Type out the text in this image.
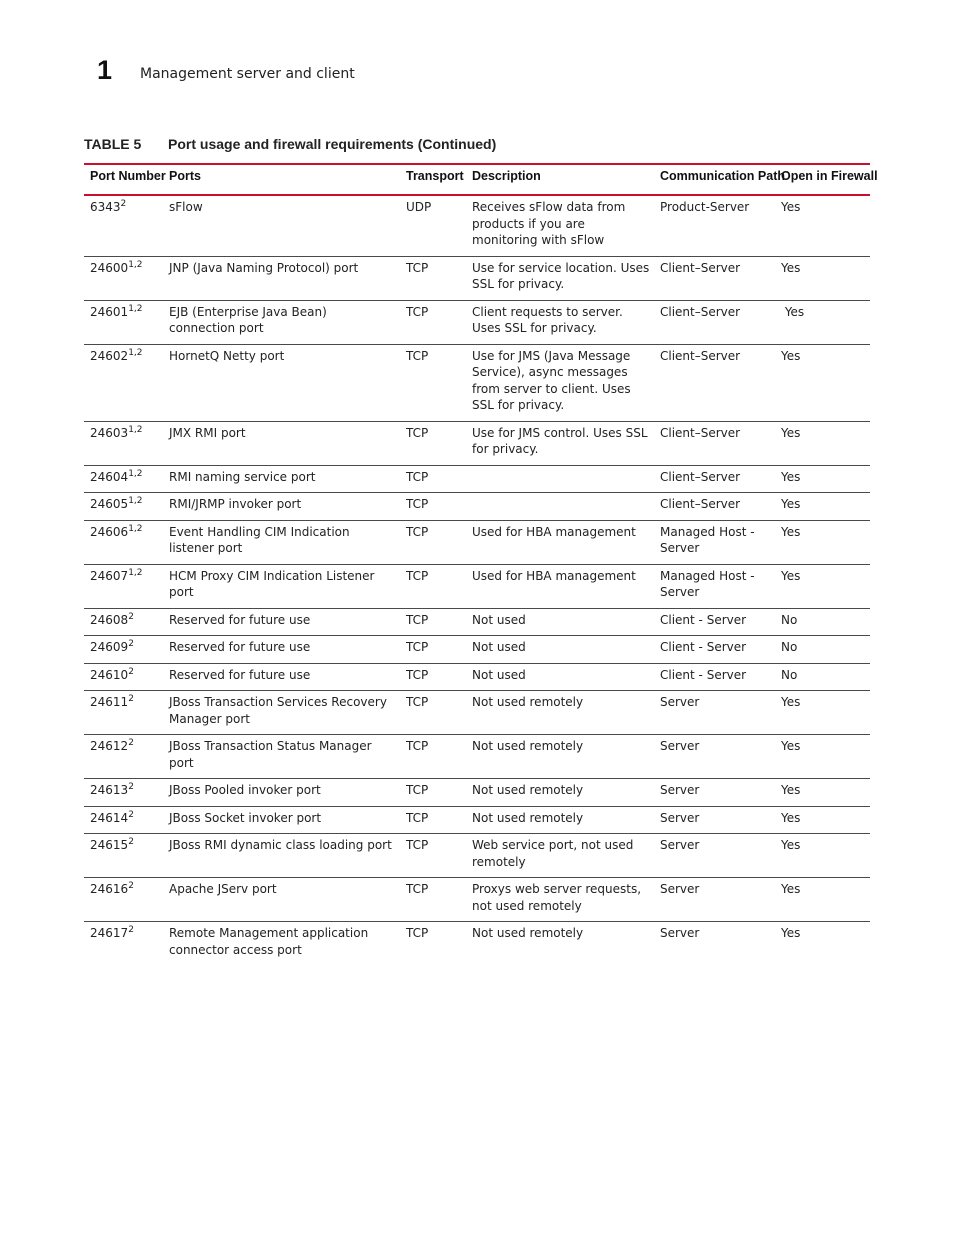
1 Management server and client
TABLE 5 Port usage and firewall requirements (Continued)
Port Number	Ports	Transport	Description	Communication Path	Open in Firewall
6343$^2$	sFlow	UDP	Receives sFlow data from products if you are monitoring with sFlow	Product-Server	Yes
24600$^{1,2}$	JNP (Java Naming Protocol) port	TCP	Use for service location. Uses SSL for privacy.	Client–Server	Yes
24601$^{1,2}$	EJB (Enterprise Java Bean) connection port	TCP	Client requests to server. Uses SSL for privacy.	Client–Server	Yes
24602$^{1,2}$	HornetQ Netty port	TCP	Use for JMS (Java Message Service), async messages from server to client. Uses SSL for privacy.	Client–Server	Yes
24603$^{1,2}$	JMX RMI port	TCP	Use for JMS control. Uses SSL for privacy.	Client–Server	Yes
24604$^{1,2}$	RMI naming service port	TCP		Client–Server	Yes
24605$^{1,2}$	RMI/JRMP invoker port	TCP		Client–Server	Yes
24606$^{1,2}$	Event Handling CIM Indication listener port	TCP	Used for HBA management	Managed Host - Server	Yes
24607$^{1,2}$	HCM Proxy CIM Indication Listener port	TCP	Used for HBA management	Managed Host - Server	Yes
24608$^2$	Reserved for future use	TCP	Not used	Client - Server	No
24609$^2$	Reserved for future use	TCP	Not used	Client - Server	No
24610$^2$	Reserved for future use	TCP	Not used	Client - Server	No
24611$^2$	JBoss Transaction Services Recovery Manager port	TCP	Not used remotely	Server	Yes
24612$^2$	JBoss Transaction Status Manager port	TCP	Not used remotely	Server	Yes
24613$^2$	JBoss Pooled invoker port	TCP	Not used remotely	Server	Yes
24614$^2$	JBoss Socket invoker port	TCP	Not used remotely	Server	Yes
24615$^2$	JBoss RMI dynamic class loading port	TCP	Web service port, not used remotely	Server	Yes
24616$^2$	Apache JServ port	TCP	Proxys web server requests, not used remotely	Server	Yes
24617$^2$	Remote Management application connector access port	TCP	Not used remotely	Server	Yes
